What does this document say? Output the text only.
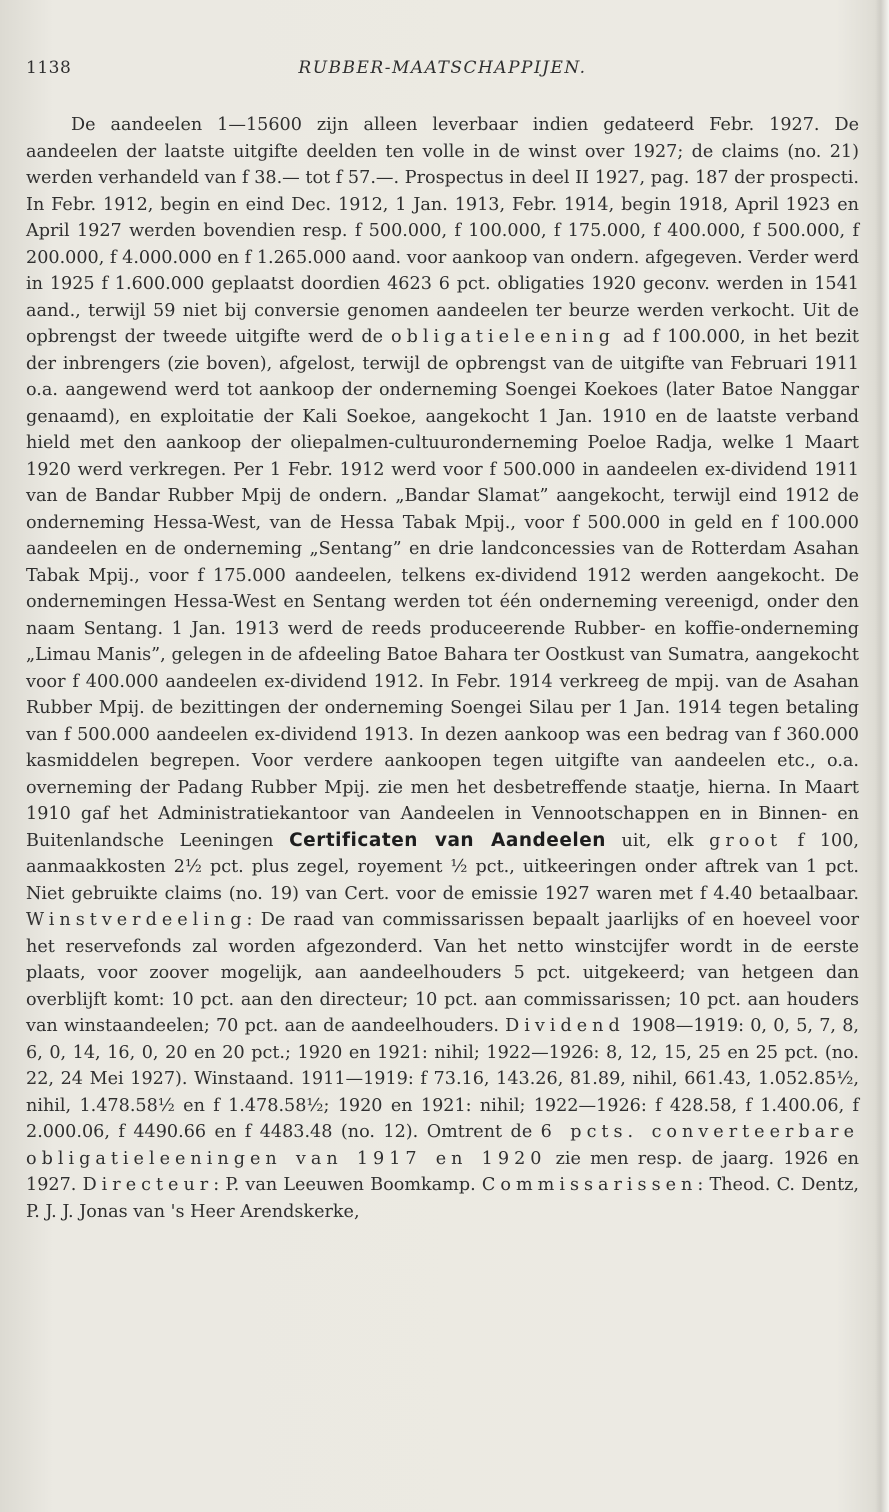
1138	RUBBER-MAATSCHAPPIJEN.

De aandeelen 1—15600 zijn alleen leverbaar indien gedateerd Febr. 1927. De aandeelen der laatste uitgifte deelden ten volle in de winst over 1927; de claims (no. 21) werden verhandeld van f 38.— tot f 57.—. Prospectus in deel II 1927, pag. 187 der prospecti. In Febr. 1912, begin en eind Dec. 1912, 1 Jan. 1913, Febr. 1914, begin 1918, April 1923 en April 1927 werden bovendien resp. f 500.000, f 100.000, f 175.000, f 400.000, f 500.000, f 200.000, f 4.000.000 en f 1.265.000 aand. voor aankoop van ondern. afgegeven. Verder werd in 1925 f 1.600.000 geplaatst doordien 4623 6 pct. obligaties 1920 geconv. werden in 1541 aand., terwijl 59 niet bij conversie genomen aandeelen ter beurze werden verkocht. Uit de opbrengst der tweede uitgifte werd de obligatieleening ad f 100.000, in het bezit der inbrengers (zie boven), afgelost, terwijl de opbrengst van de uitgifte van Februari 1911 o.a. aangewend werd tot aankoop der onderneming Soengei Koekoes (later Batoe Nanggar genaamd), en exploitatie der Kali Soekoe, aangekocht 1 Jan. 1910 en de laatste verband hield met den aankoop der oliepalmen-cultuuronderneming Poeloe Radja, welke 1 Maart 1920 werd verkregen. Per 1 Febr. 1912 werd voor f 500.000 in aandeelen ex-dividend 1911 van de Bandar Rubber Mpij de ondern. „Bandar Slamat” aangekocht, terwijl eind 1912 de onderneming Hessa-West, van de Hessa Tabak Mpij., voor f 500.000 in geld en f 100.000 aandeelen en de onderneming „Sentang” en drie landconcessies van de Rotterdam Asahan Tabak Mpij., voor f 175.000 aandeelen, telkens ex-dividend 1912 werden aangekocht. De ondernemingen Hessa-West en Sentang werden tot één onderneming vereenigd, onder den naam Sentang. 1 Jan. 1913 werd de reeds produceerende Rubber- en koffie-onderneming „Limau Manis”, gelegen in de afdeeling Batoe Bahara ter Oostkust van Sumatra, aangekocht voor f 400.000 aandeelen ex-dividend 1912. In Febr. 1914 verkreeg de mpij. van de Asahan Rubber Mpij. de bezittingen der onderneming Soengei Silau per 1 Jan. 1914 tegen betaling van f 500.000 aandeelen ex-dividend 1913. In dezen aankoop was een bedrag van f 360.000 kasmiddelen begrepen. Voor verdere aankoopen tegen uitgifte van aandeelen etc., o.a. overneming der Padang Rubber Mpij. zie men het desbetreffende staatje, hierna. In Maart 1910 gaf het Administratiekantoor van Aandeelen in Vennootschappen en in Binnen- en Buitenlandsche Leeningen Certificaten van Aandeelen uit, elk groot f 100, aanmaakkosten 2½ pct. plus zegel, royement ½ pct., uitkeeringen onder aftrek van 1 pct. Niet gebruikte claims (no. 19) van Cert. voor de emissie 1927 waren met f 4.40 betaalbaar. Winstverdeeling: De raad van commissarissen bepaalt jaarlijks of en hoeveel voor het reservefonds zal worden afgezonderd. Van het netto winstcijfer wordt in de eerste plaats, voor zoover mogelijk, aan aandeelhouders 5 pct. uitgekeerd; van hetgeen dan overblijft komt: 10 pct. aan den directeur; 10 pct. aan commissarissen; 10 pct. aan houders van winstaandeelen; 70 pct. aan de aandeelhouders. Dividend 1908—1919: 0, 0, 5, 7, 8, 6, 0, 14, 16, 0, 20 en 20 pct.; 1920 en 1921: nihil; 1922—1926: 8, 12, 15, 25 en 25 pct. (no. 22, 24 Mei 1927). Winstaand. 1911—1919: f 73.16, 143.26, 81.89, nihil, 661.43, 1.052.85½, nihil, 1.478.58½ en f 1.478.58½; 1920 en 1921: nihil; 1922—1926: f 428.58, f 1.400.06, f 2.000.06, f 4490.66 en f 4483.48 (no. 12). Omtrent de 6 pcts. converteerbare obligatieleeningen van 1917 en 1920 zie men resp. de jaarg. 1926 en 1927. Directeur: P. van Leeuwen Boomkamp. Commissarissen: Theod. C. Dentz, P. J. J. Jonas van 's Heer Arendskerke,
